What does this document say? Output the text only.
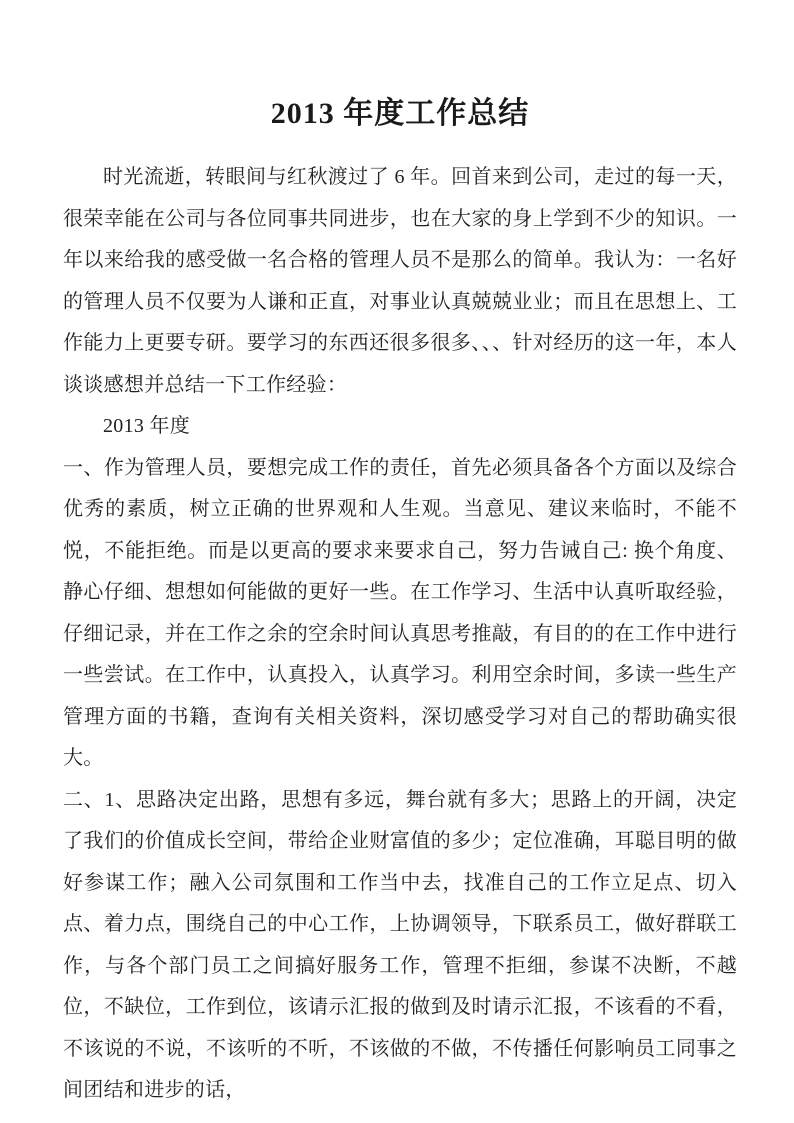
2013 年度工作总结

时光流逝，转眼间与红秋渡过了 6 年。回首来到公司，走过的每一天，很荣幸能在公司与各位同事共同进步，也在大家的身上学到不少的知识。一年以来给我的感受做一名合格的管理人员不是那么的简单。我认为：一名好的管理人员不仅要为人谦和正直，对事业认真兢兢业业；而且在思想上、工作能力上更要专研。要学习的东西还很多很多、、、针对经历的这一年，本人谈谈感想并总结一下工作经验：

2013 年度

一、作为管理人员，要想完成工作的责任，首先必须具备各个方面以及综合优秀的素质，树立正确的世界观和人生观。当意见、建议来临时，不能不悦，不能拒绝。而是以更高的要求来要求自己，努力告诫自己: 换个角度、静心仔细、想想如何能做的更好一些。在工作学习、生活中认真听取经验，仔细记录，并在工作之余的空余时间认真思考推敲，有目的的在工作中进行一些尝试。在工作中，认真投入，认真学习。利用空余时间，多读一些生产管理方面的书籍，查询有关相关资料，深切感受学习对自己的帮助确实很大。

二、1、思路决定出路，思想有多远，舞台就有多大；思路上的开阔，决定了我们的价值成长空间，带给企业财富值的多少；定位准确，耳聪目明的做好参谋工作；融入公司氛围和工作当中去，找准自己的工作立足点、切入点、着力点，围绕自己的中心工作，上协调领导，下联系员工，做好群联工作，与各个部门员工之间搞好服务工作，管理不拒细，参谋不决断，不越位，不缺位，工作到位，该请示汇报的做到及时请示汇报，不该看的不看，不该说的不说，不该听的不听，不该做的不做，不传播任何影响员工同事之间团结和进步的话，
